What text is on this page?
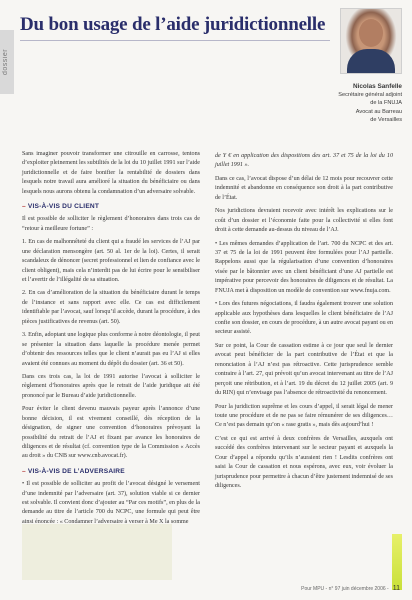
dossier
Du bon usage de l’aide juridictionnelle
Nicolas Sanfelle
Secrétaire général adjoint
de la FNUJA
Avocat au Barreau
de Versailles

Sans imaginer pouvoir transformer une citrouille en carrosse, tentons d’exploiter pleinement les subtilités de la loi du 10 juillet 1991 sur l’aide juridictionnelle et de faire bonifier la rentabilité de dossiers dans lesquels notre travail aura amélioré la situation du bénéficiaire ou dans lesquels nous aurons obtenu la condamnation d’un adversaire solvable.

– VIS-À-VIS DU CLIENT

Il est possible de solliciter le règlement d’honoraires dans trois cas de “retour à meilleure fortune” :

1. En cas de malhonnêteté du client qui a fraudé les services de l’AJ par une déclaration mensongère (art. 50 al. 1er de la loi). Certes, il serait scandaleux de dénoncer (secret professionnel et lien de confiance avec le client obligent), mais cela n’interdit pas de lui écrire pour le sensibiliser et l’avertir de l’illégalité de sa situation.

2. En cas d’amélioration de la situation du bénéficiaire durant le temps de l’instance et sans rapport avec elle. Ce cas est difficilement identifiable par l’avocat, sauf lorsqu’il accède, durant la procédure, à des pièces justificatives de revenus (art. 50).

3. Enfin, adoptant une logique plus conforme à notre déontologie, il peut se présenter la situation dans laquelle la procédure menée permet d’obtenir des ressources telles que le client n’aurait pas eu l’AJ si elles avaient été connues au moment du dépôt du dossier (art. 36 et 50).

Dans ces trois cas, la loi de 1991 autorise l’avocat à solliciter le règlement d’honoraires après que le retrait de l’aide juridique ait été prononcé par le Bureau d’aide juridictionnelle.

Pour éviter le client devenu mauvais payeur après l’annonce d’une bonne décision, il est vivement conseillé, dès réception de la désignation, de signer une convention d’honoraires prévoyant la possibilité du retrait de l’AJ et fixant par avance les honoraires de diligences et de résultat (cf. convention type de la Commission « Accès au droit » du CNB sur www.cnb.avocat.fr).

– VIS-À-VIS DE L’ADVERSAIRE

• Il est possible de solliciter au profit de l’avocat désigné le versement d’une indemnité par l’adversaire (art. 37), solution viable si ce dernier est solvable. Il convient donc d’ajouter au “Par ces motifs”, en plus de la demande au titre de l’article 700 du NCPC, une formule qui peut être ainsi énoncée : « Condamner l’adversaire à verser à Me X la somme

de Y € en application des dispositions des art. 37 et 75 de la loi du 10 juillet 1991 ».

Dans ce cas, l’avocat dispose d’un délai de 12 mois pour recouvrer cette indemnité et abandonne en conséquence son droit à la part contributive de l’État.

Nos juridictions devraient recevoir avec intérêt les explications sur le coût d’un dossier et l’économie faite pour la collectivité si elles font droit à cette demande au-dessus du niveau de l’AJ.

• Les mêmes demandes d’application de l’art. 700 du NCPC et des art. 37 et 75 de la loi de 1991 peuvent être formulées pour l’AJ partielle. Rappelons aussi que la régularisation d’une convention d’honoraires visée par le bâtonnier avec un client bénéficiant d’une AJ partielle est impérative pour percevoir des honoraires de diligences et de résultat. La FNUJA met à disposition un modèle de convention sur www.fnuja.com.

• Lors des futures négociations, il faudra également trouver une solution applicable aux hypothèses dans lesquelles le client bénéficiaire de l’AJ confie son dossier, en cours de procédure, à un autre avocat payant ou en secteur assisté.

Sur ce point, la Cour de cassation estime à ce jour que seul le dernier avocat peut bénéficier de la part contributive de l’État et que la renonciation à l’AJ n’est pas rétroactive. Cette jurisprudence semble contraire à l’art. 27, qui prévoit qu’un avocat intervenant au titre de l’AJ perçoit une rétribution, et à l’art. 19 du décret du 12 juillet 2005 (art. 9 du RIN) qui n’envisage pas l’absence de rétroactivité du renoncement.

Pour la juridiction suprême et les cours d’appel, il serait légal de mener toute une procédure et de ne pas se faire rémunérer de ses diligences… Ce n’est pas demain qu’on « rase gratis », mais dès aujourd’hui !

C’est ce qui est arrivé à deux confrères de Versailles, auxquels ont succédé des confrères intervenant sur le secteur payant et auxquels la Cour d’appel a répondu qu’ils n’auraient rien ! Lesdits confrères ont saisi la Cour de cassation et nous espérons, avec eux, voir évoluer la jurisprudence pour permettre à chacun d’être justement indemnisé de ses diligences.

Pour MPU - n° 97 juin décembre 2006 - 11
